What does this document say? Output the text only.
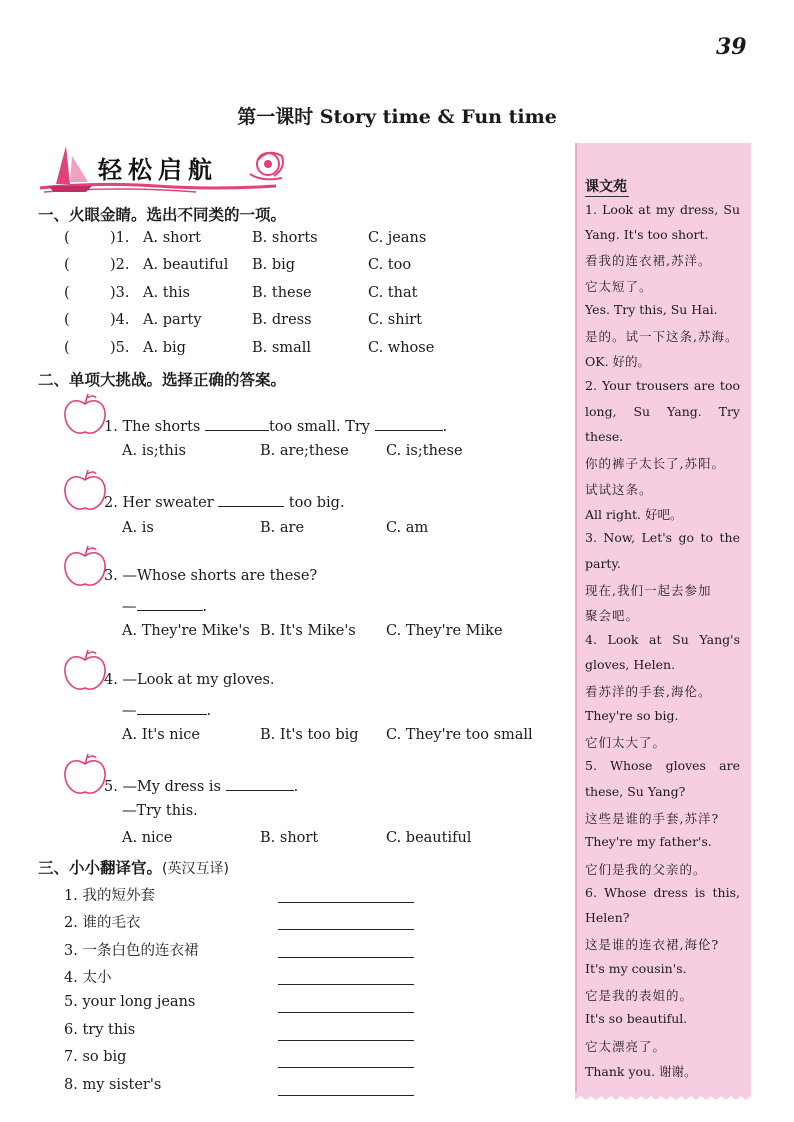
39
第一课时 Story time & Fun time
轻松启航
一、火眼金睛。选出不同类的一项。
(	)1. A. short	B. shorts	C. jeans
(	)2. A. beautiful B. big	C. too
(	)3. A. this	B. these	C. that
(	)4. A. party	B. dress	C. shirt
(	)5. A. big	B. small	C. whose
二、单项大挑战。选择正确的答案。
1. The shorts	too small. Try	.
A. is;this	B. are;these	C. is;these
2. Her sweater	too big.
A. is	B. are	C. am
3. —Whose shorts are these?
—	.
A. They're Mike's B. It's Mike's C. They're Mike
4. —Look at my gloves.
—	.
A. It's nice	B. It's too big C. They're too small
5. —My dress is	.
—Try this.
A. nice	B. short	C. beautiful
三、小小翻译官。(英汉互译)
1. 我的短外套
2. 谁的毛衣
3. 一条白色的连衣裙
4. 太小
5. your long jeans
6. try this
7. so big
8. my sister's
课文苑
1. Look at my dress, Su
Yang. It's too short.
看我的连衣裙,苏洋。
它太短了。
Yes. Try this, Su Hai.
是的。试一下这条,苏海。
OK. 好的。
2. Your trousers are too
long, Su Yang. Try
these.
你的裤子太长了,苏阳。
试试这条。
All right. 好吧。
3. Now, Let's go to the
party.
现在,我们一起去参加
聚会吧。
4. Look at Su Yang's
gloves, Helen.
看苏洋的手套,海伦。
They're so big.
它们太大了。
5. Whose gloves are
these, Su Yang?
这些是谁的手套,苏洋?
They're my father's.
它们是我的父亲的。
6. Whose dress is this,
Helen?
这是谁的连衣裙,海伦?
It's my cousin's.
它是我的表姐的。
It's so beautiful.
它太漂亮了。
Thank you. 谢谢。
